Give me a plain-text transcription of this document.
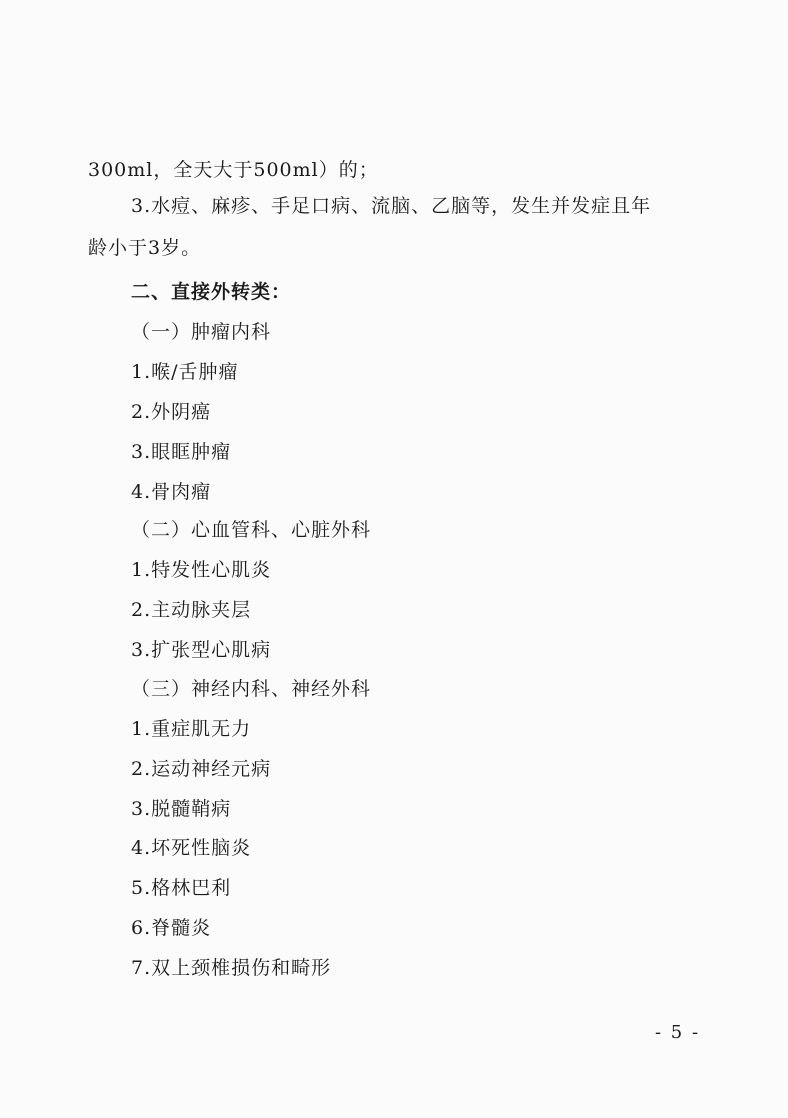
300ml，全天大于500ml）的；
3.水痘、麻疹、手足口病、流脑、乙脑等，发生并发症且年
龄小于3岁。
二、直接外转类：
（一）肿瘤内科
1.喉/舌肿瘤
2.外阴癌
3.眼眶肿瘤
4.骨肉瘤
（二）心血管科、心脏外科
1.特发性心肌炎
2.主动脉夹层
3.扩张型心肌病
（三）神经内科、神经外科
1.重症肌无力
2.运动神经元病
3.脱髓鞘病
4.坏死性脑炎
5.格林巴利
6.脊髓炎
7.双上颈椎损伤和畸形
- 5 -
